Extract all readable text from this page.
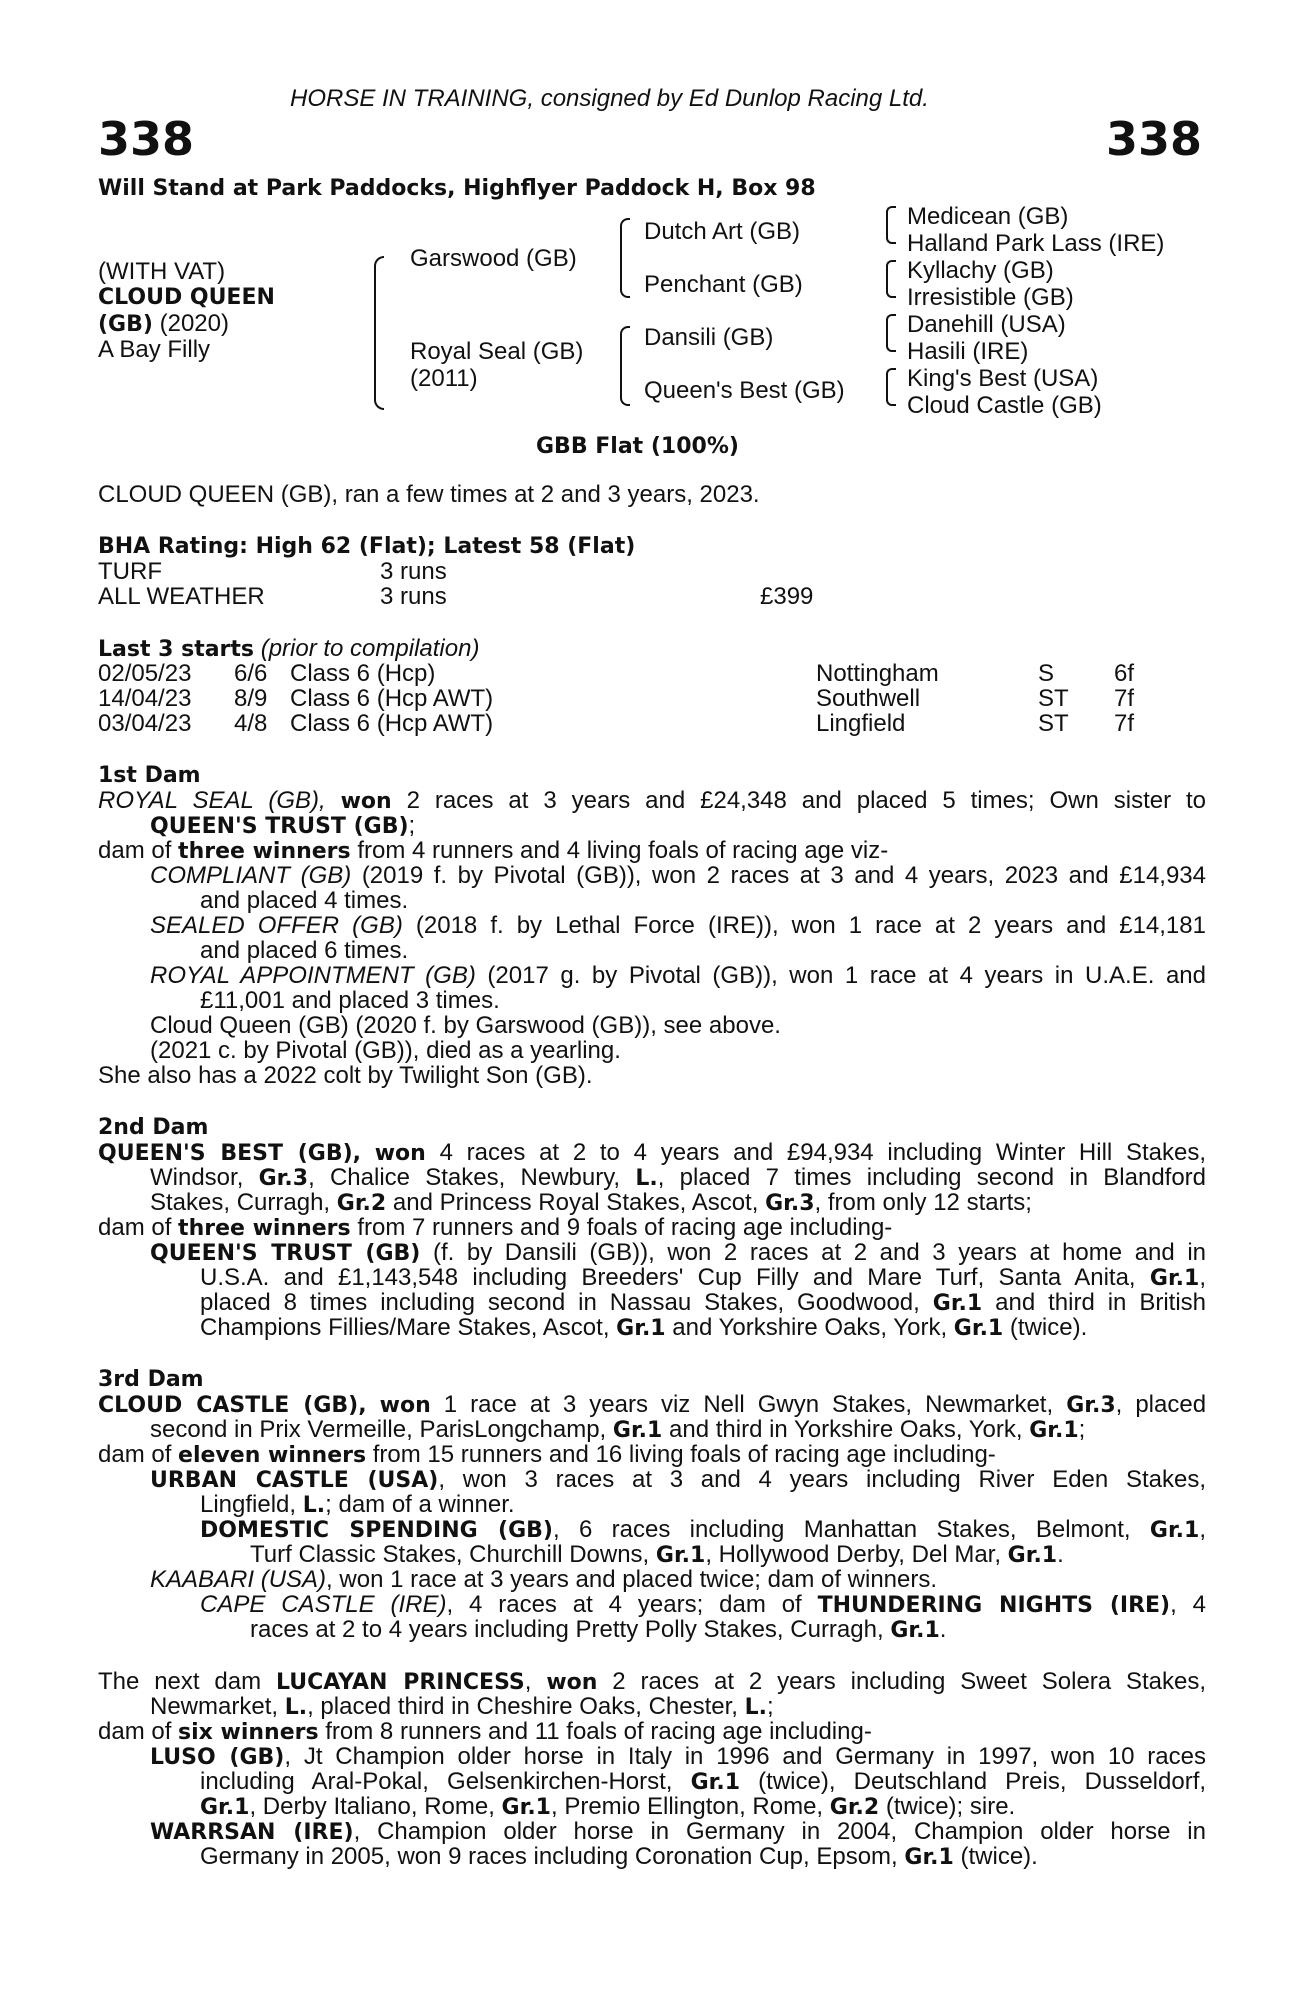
HORSE IN TRAINING, consigned by Ed Dunlop Racing Ltd.
338	338
Will Stand at Park Paddocks, Highflyer Paddock H, Box 98
(WITH VAT)
CLOUD QUEEN
(GB) (2020)
A Bay Filly
Garswood (GB)
Royal Seal (GB)
(2011)
Dutch Art (GB)
Penchant (GB)
Dansili (GB)
Queen's Best (GB)
Medicean (GB)
Halland Park Lass (IRE)
Kyllachy (GB)
Irresistible (GB)
Danehill (USA)
Hasili (IRE)
King's Best (USA)
Cloud Castle (GB)
GBB Flat (100%)
CLOUD QUEEN (GB), ran a few times at 2 and 3 years, 2023.
BHA Rating: High 62 (Flat); Latest 58 (Flat)
TURF	3 runs
ALL WEATHER	3 runs	£399
Last 3 starts (prior to compilation)
02/05/23 6/6 Class 6 (Hcp)	Nottingham	S 6f
14/04/23 8/9 Class 6 (Hcp AWT)	Southwell	ST 7f
03/04/23 4/8 Class 6 (Hcp AWT)	Lingfield	ST 7f
1st Dam
ROYAL SEAL (GB), won 2 races at 3 years and £24,348 and placed 5 times; Own sister to
QUEEN'S TRUST (GB);
dam of three winners from 4 runners and 4 living foals of racing age viz-
COMPLIANT (GB) (2019 f. by Pivotal (GB)), won 2 races at 3 and 4 years, 2023 and £14,934
and placed 4 times.
SEALED OFFER (GB) (2018 f. by Lethal Force (IRE)), won 1 race at 2 years and £14,181
and placed 6 times.
ROYAL APPOINTMENT (GB) (2017 g. by Pivotal (GB)), won 1 race at 4 years in U.A.E. and
£11,001 and placed 3 times.
Cloud Queen (GB) (2020 f. by Garswood (GB)), see above.
(2021 c. by Pivotal (GB)), died as a yearling.
She also has a 2022 colt by Twilight Son (GB).
2nd Dam
QUEEN'S BEST (GB), won 4 races at 2 to 4 years and £94,934 including Winter Hill Stakes,
Windsor, Gr.3, Chalice Stakes, Newbury, L., placed 7 times including second in Blandford
Stakes, Curragh, Gr.2 and Princess Royal Stakes, Ascot, Gr.3, from only 12 starts;
dam of three winners from 7 runners and 9 foals of racing age including-
QUEEN'S TRUST (GB) (f. by Dansili (GB)), won 2 races at 2 and 3 years at home and in
U.S.A. and £1,143,548 including Breeders' Cup Filly and Mare Turf, Santa Anita, Gr.1,
placed 8 times including second in Nassau Stakes, Goodwood, Gr.1 and third in British
Champions Fillies/Mare Stakes, Ascot, Gr.1 and Yorkshire Oaks, York, Gr.1 (twice).
3rd Dam
CLOUD CASTLE (GB), won 1 race at 3 years viz Nell Gwyn Stakes, Newmarket, Gr.3, placed
second in Prix Vermeille, ParisLongchamp, Gr.1 and third in Yorkshire Oaks, York, Gr.1;
dam of eleven winners from 15 runners and 16 living foals of racing age including-
URBAN CASTLE (USA), won 3 races at 3 and 4 years including River Eden Stakes,
Lingfield, L.; dam of a winner.
DOMESTIC SPENDING (GB), 6 races including Manhattan Stakes, Belmont, Gr.1,
Turf Classic Stakes, Churchill Downs, Gr.1, Hollywood Derby, Del Mar, Gr.1.
KAABARI (USA), won 1 race at 3 years and placed twice; dam of winners.
CAPE CASTLE (IRE), 4 races at 4 years; dam of THUNDERING NIGHTS (IRE), 4
races at 2 to 4 years including Pretty Polly Stakes, Curragh, Gr.1.
The next dam LUCAYAN PRINCESS, won 2 races at 2 years including Sweet Solera Stakes,
Newmarket, L., placed third in Cheshire Oaks, Chester, L.;
dam of six winners from 8 runners and 11 foals of racing age including-
LUSO (GB), Jt Champion older horse in Italy in 1996 and Germany in 1997, won 10 races
including Aral-Pokal, Gelsenkirchen-Horst, Gr.1 (twice), Deutschland Preis, Dusseldorf,
Gr.1, Derby Italiano, Rome, Gr.1, Premio Ellington, Rome, Gr.2 (twice); sire.
WARRSAN (IRE), Champion older horse in Germany in 2004, Champion older horse in
Germany in 2005, won 9 races including Coronation Cup, Epsom, Gr.1 (twice).
